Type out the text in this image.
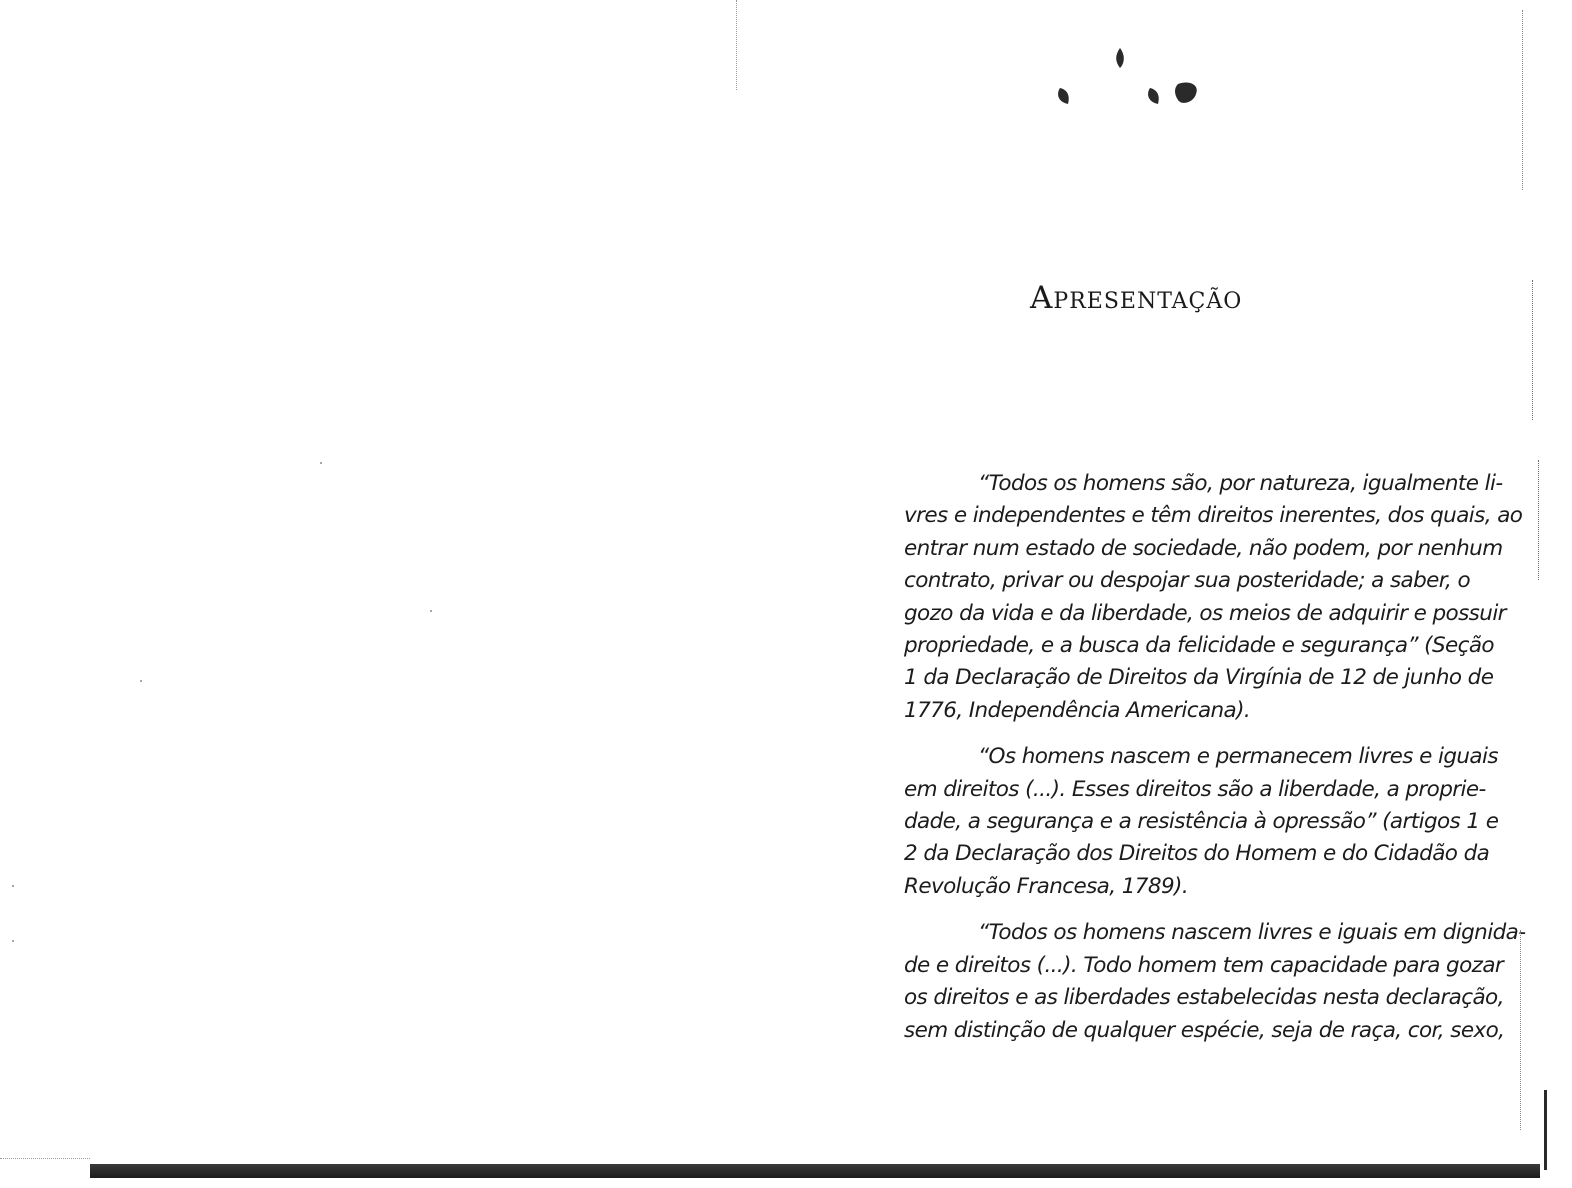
APRESENTAÇÃO

“Todos os homens são, por natureza, igualmente li-
vres e independentes e têm direitos inerentes, dos quais, ao
entrar num estado de sociedade, não podem, por nenhum
contrato, privar ou despojar sua posteridade; a saber, o
gozo da vida e da liberdade, os meios de adquirir e possuir
propriedade, e a busca da felicidade e segurança” (Seção
1 da Declaração de Direitos da Virgínia de 12 de junho de
1776, Independência Americana).

“Os homens nascem e permanecem livres e iguais
em direitos (...). Esses direitos são a liberdade, a proprie-
dade, a segurança e a resistência à opressão” (artigos 1 e
2 da Declaração dos Direitos do Homem e do Cidadão da
Revolução Francesa, 1789).

“Todos os homens nascem livres e iguais em dignida-
de e direitos (...). Todo homem tem capacidade para gozar
os direitos e as liberdades estabelecidas nesta declaração,
sem distinção de qualquer espécie, seja de raça, cor, sexo,
